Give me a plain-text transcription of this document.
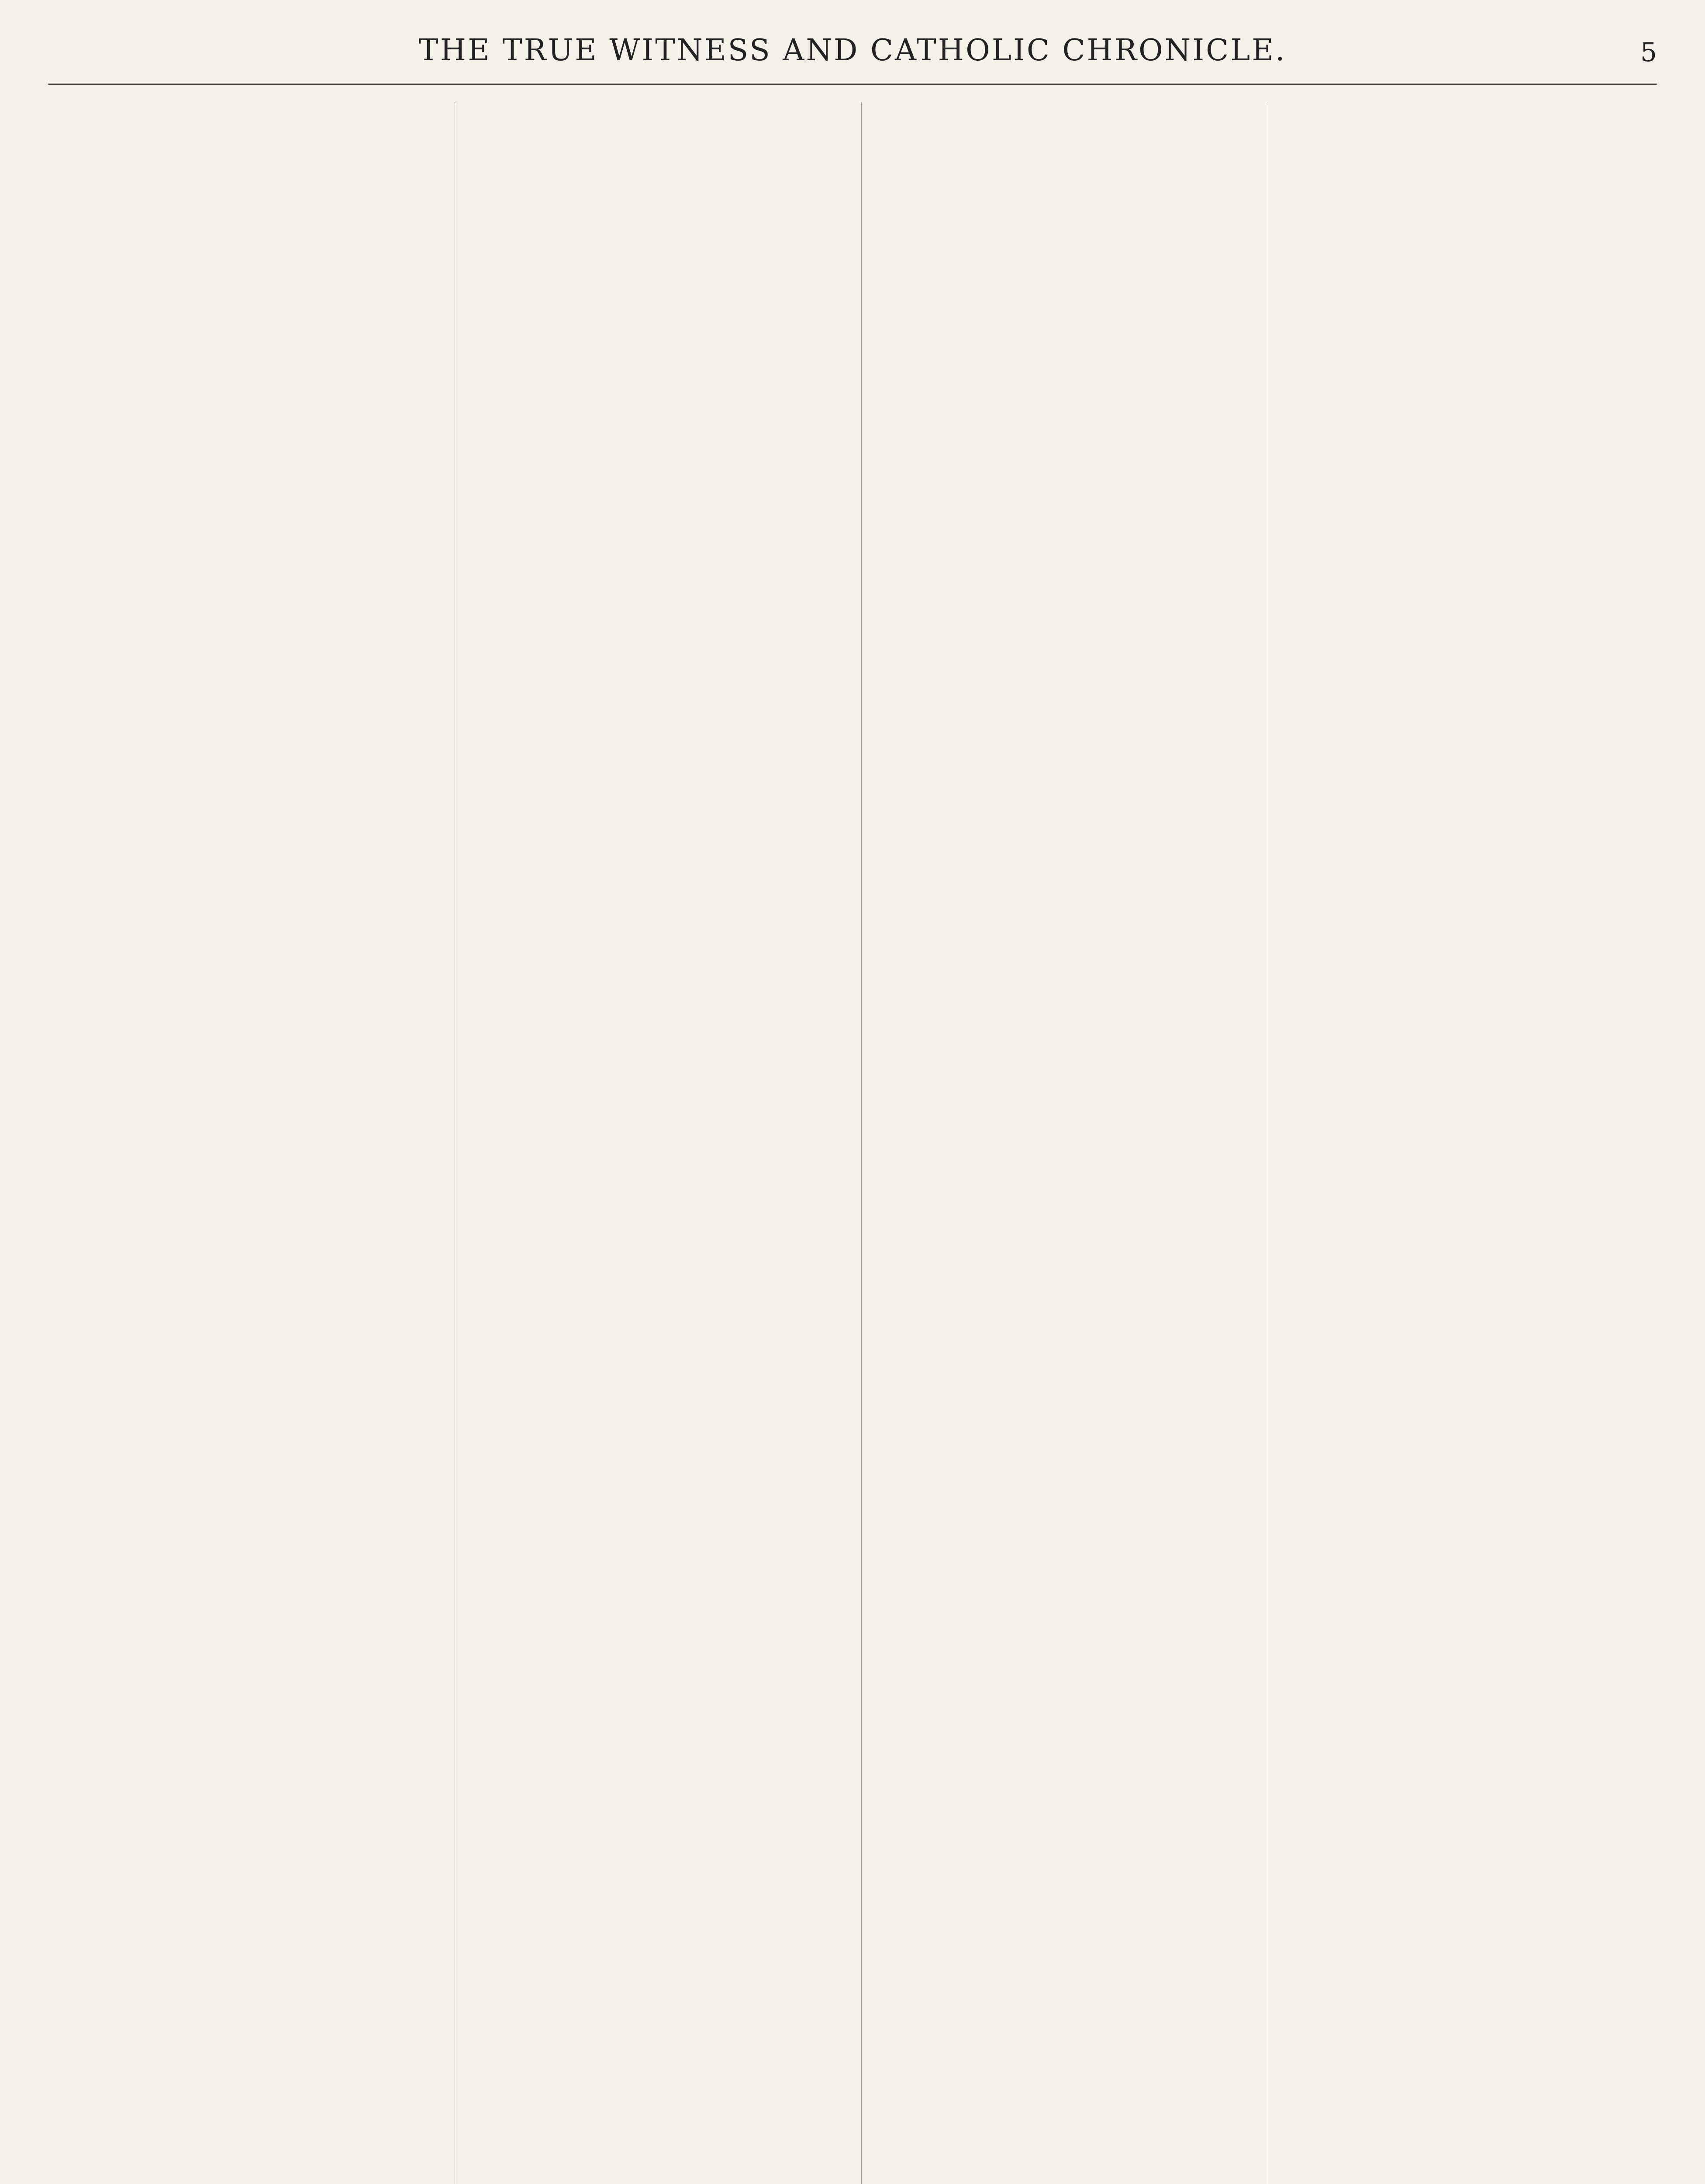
THE TRUE WITNESS AND CATHOLIC CHRONICLE.	5
